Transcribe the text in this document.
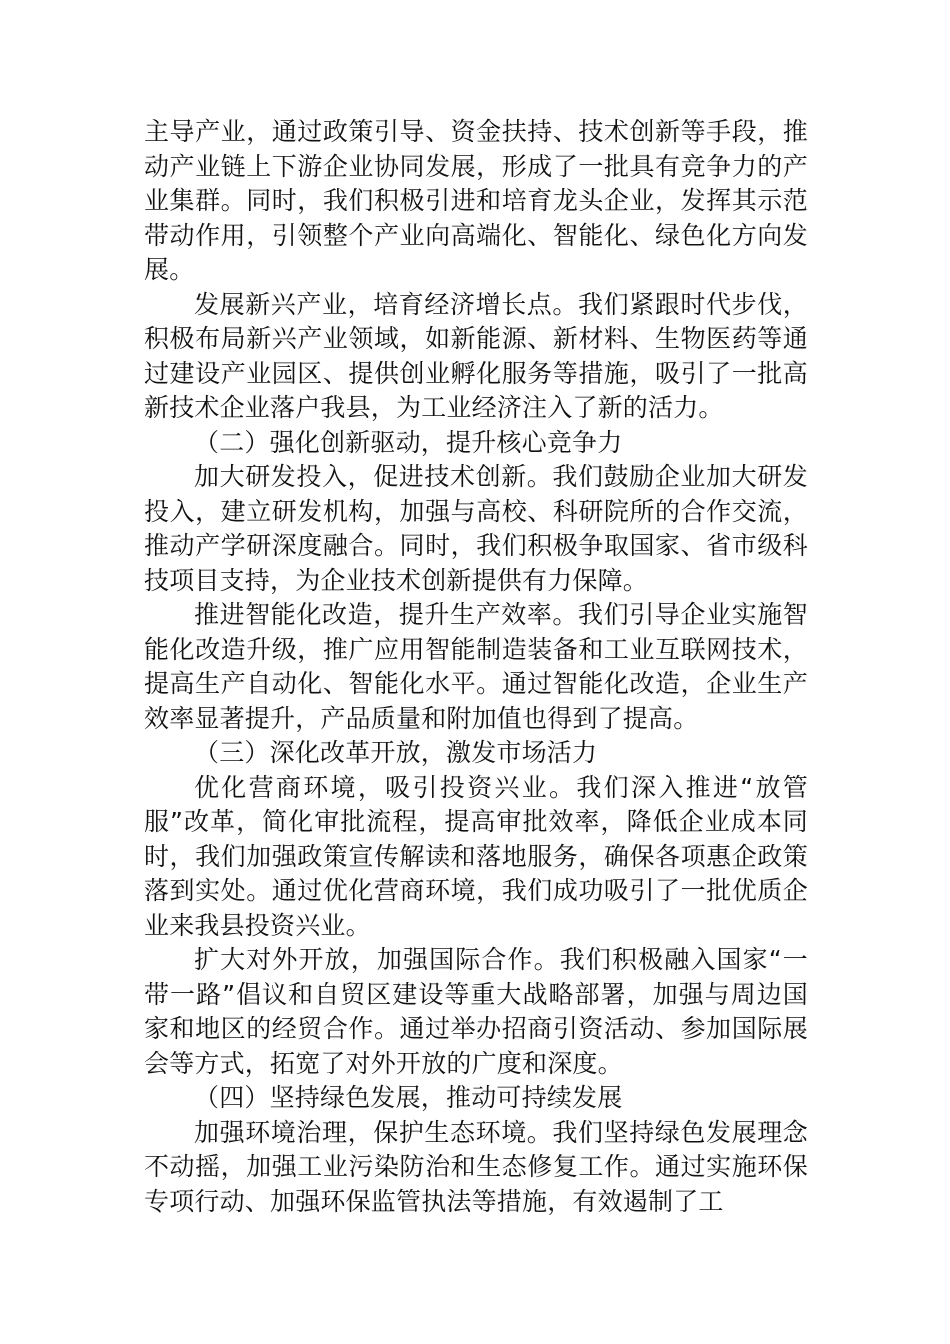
主导产业，通过政策引导、资金扶持、技术创新等手段，推动产业链上下游企业协同发展，形成了一批具有竞争力的产业集群。同时，我们积极引进和培育龙头企业，发挥其示范带动作用，引领整个产业向高端化、智能化、绿色化方向发展。

发展新兴产业，培育经济增长点。我们紧跟时代步伐，积极布局新兴产业领域，如新能源、新材料、生物医药等通过建设产业园区、提供创业孵化服务等措施，吸引了一批高新技术企业落户我县，为工业经济注入了新的活力。

（二）强化创新驱动，提升核心竞争力

加大研发投入，促进技术创新。我们鼓励企业加大研发投入，建立研发机构，加强与高校、科研院所的合作交流，推动产学研深度融合。同时，我们积极争取国家、省市级科技项目支持，为企业技术创新提供有力保障。

推进智能化改造，提升生产效率。我们引导企业实施智能化改造升级，推广应用智能制造装备和工业互联网技术，提高生产自动化、智能化水平。通过智能化改造，企业生产效率显著提升，产品质量和附加值也得到了提高。

（三）深化改革开放，激发市场活力

优化营商环境，吸引投资兴业。我们深入推进“放管服”改革，简化审批流程，提高审批效率，降低企业成本同时，我们加强政策宣传解读和落地服务，确保各项惠企政策落到实处。通过优化营商环境，我们成功吸引了一批优质企业来我县投资兴业。

扩大对外开放，加强国际合作。我们积极融入国家“一带一路”倡议和自贸区建设等重大战略部署，加强与周边国家和地区的经贸合作。通过举办招商引资活动、参加国际展会等方式，拓宽了对外开放的广度和深度。

（四）坚持绿色发展，推动可持续发展

加强环境治理，保护生态环境。我们坚持绿色发展理念不动摇，加强工业污染防治和生态修复工作。通过实施环保专项行动、加强环保监管执法等措施，有效遏制了工
